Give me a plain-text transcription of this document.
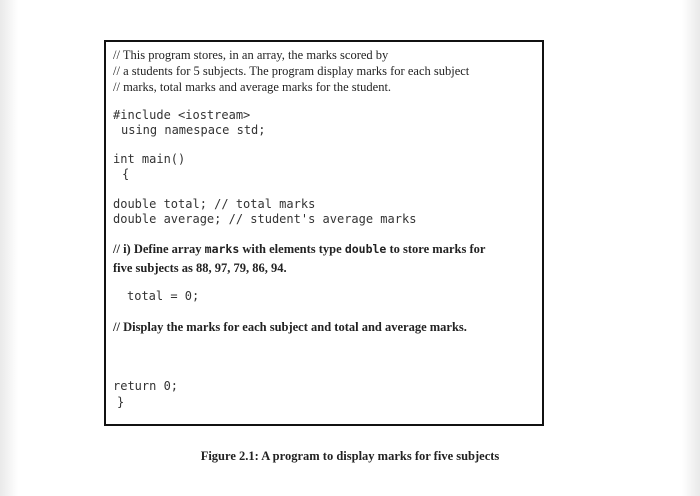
// This program stores, in an array, the marks scored by
// a students for 5 subjects. The program display marks for each subject
// marks, total marks and average marks for the student.
#include <iostream>
using namespace std;
int main()
{
double total; // total marks
double average; // student's average marks
// i) Define array marks with elements type double to store marks for
five subjects as 88, 97, 79, 86, 94.
total = 0;
// Display the marks for each subject and total and average marks.
return 0;
}
Figure 2.1: A program to display marks for five subjects
